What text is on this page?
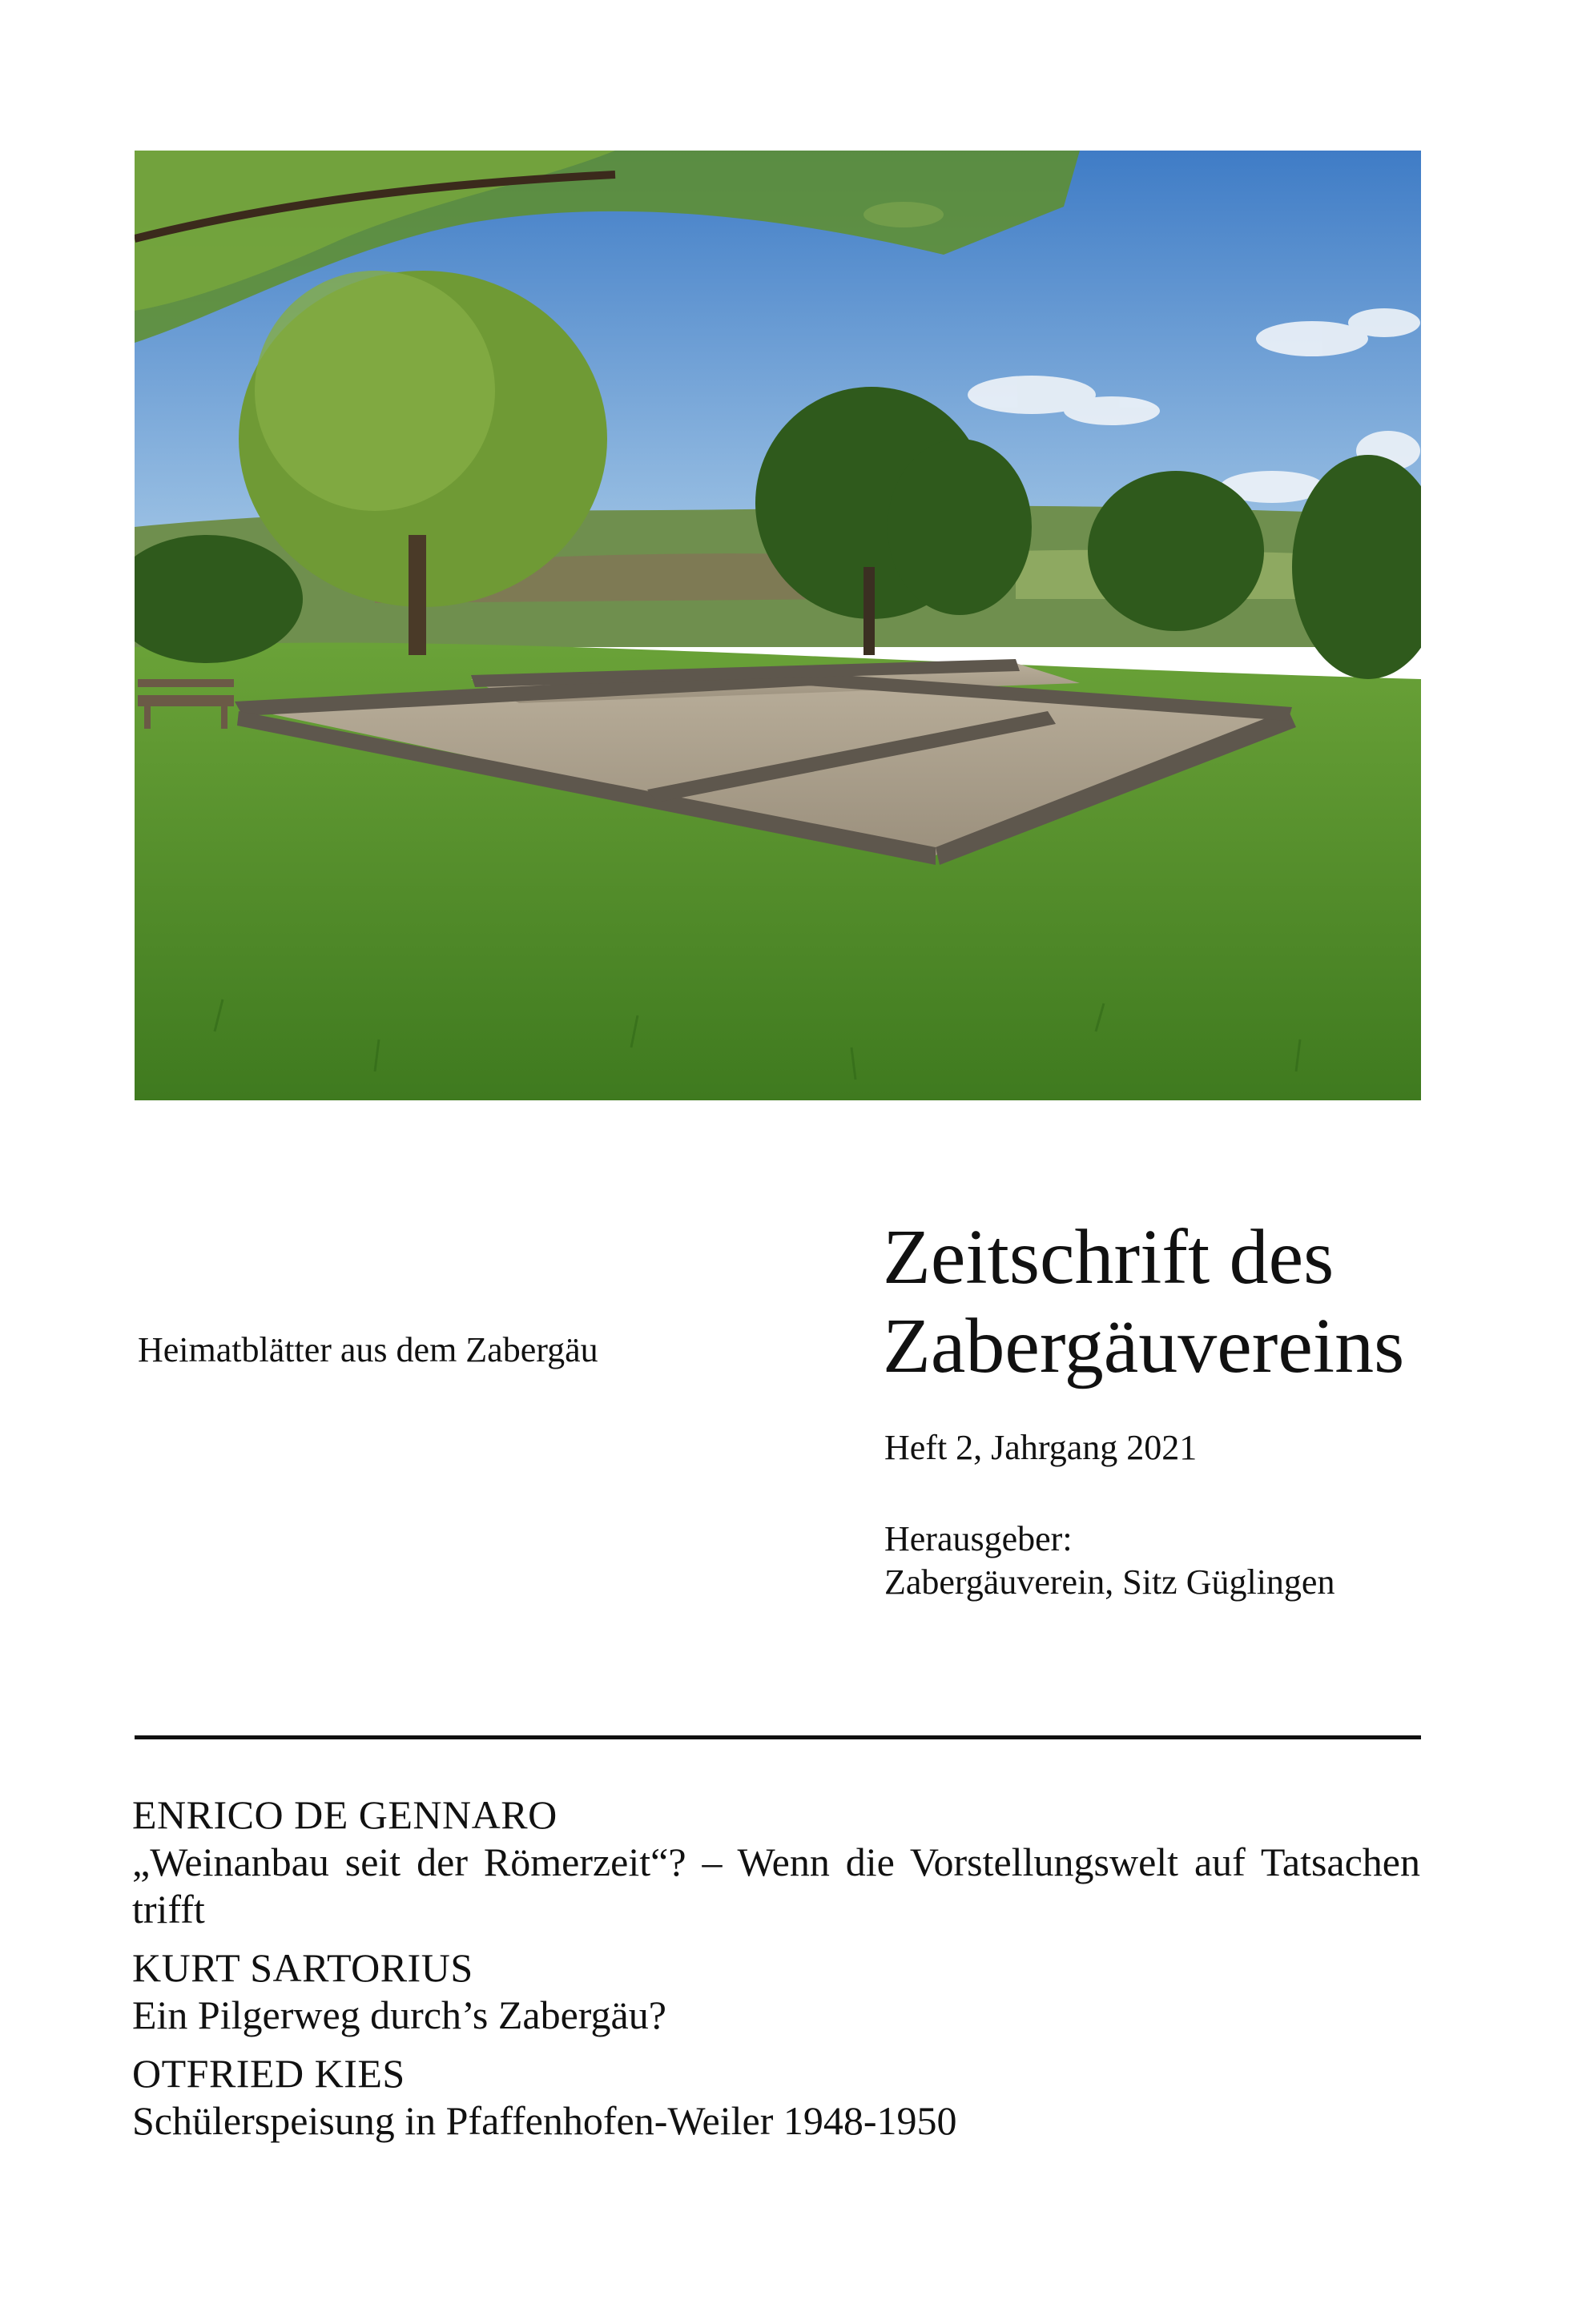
Heimatblätter aus dem Zabergäu
Zeitschrift des
Zabergäuvereins
Heft 2, Jahrgang 2021
Herausgeber:
Zabergäuverein, Sitz Güglingen
ENRICO DE GENNARO
„Weinanbau seit der Römerzeit“? – Wenn die Vorstellungswelt auf Tatsachen trifft
KURT SARTORIUS
Ein Pilgerweg durch’s Zabergäu?
OTFRIED KIES
Schülerspeisung in Pfaffenhofen-Weiler 1948-1950
